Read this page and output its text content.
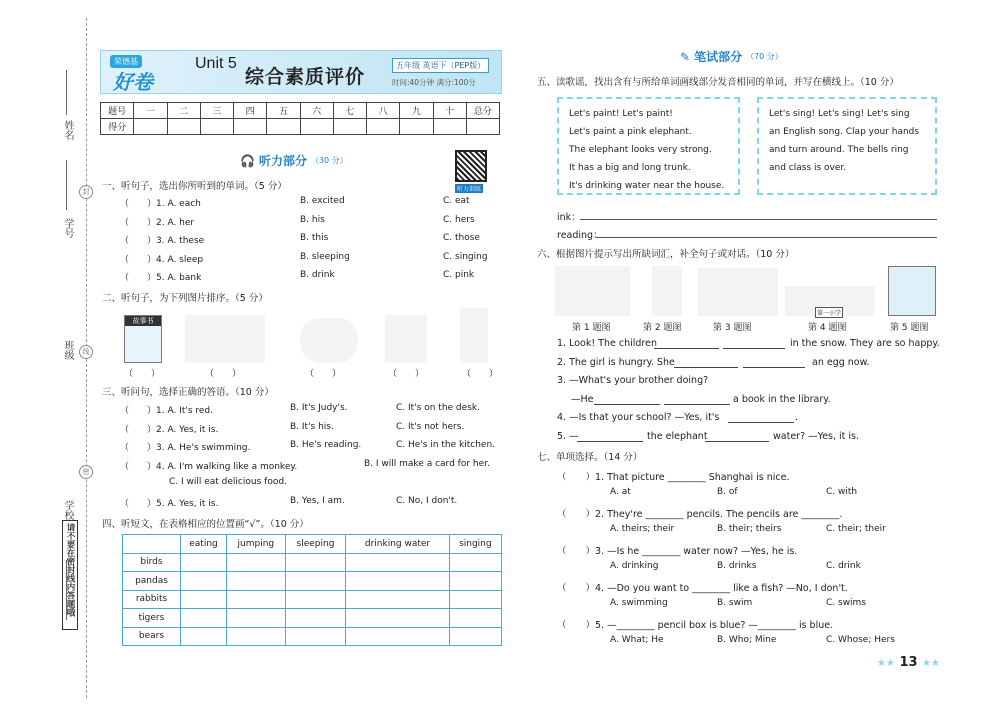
姓名
学号
班级
学校
请不要在密封线内答题哦
封
线
密
荣德基
好卷
Unit 5
综合素质评价
五年级 英语下（PEP版）
时间:40分钟 满分:100分
题号	一	二	三	四	五	六	七	八	九	十	总分
得分											
🎧 听力部分 （30 分）
听力训练
一、听句子，选出你所听到的单词。（5 分）
（　　）1. A. each	B. excited	C. eat
（　　）2. A. her	B. his	C. hers
（　　）3. A. these	B. this	C. those
（　　）4. A. sleep	B. sleeping	C. singing
（　　）5. A. bank	B. drink	C. pink
二、听句子，为下列图片排序。（5 分）
故事书
（　　）	（　　）	（　　）	（　　）	（　　）
三、听问句，选择正确的答语。（10 分）
（　　）1. A. It's red.	B. It's Judy's.	C. It's on the desk.
（　　）2. A. Yes, it is.	B. It's his.	C. It's not hers.
（　　）3. A. He's swimming.	B. He's reading.	C. He's in the kitchen.
（　　）4. A. I'm walking like a monkey.	B. I will make a card for her.
C. I will eat delicious food.
（　　）5. A. Yes, it is.	B. Yes, I am.	C. No, I don't.
四、听短文，在表格相应的位置画“√”。（10 分）
	eating	jumping	sleeping	drinking water	singing
birds					
pandas					
rabbits					
tigers					
bears					
✎ 笔试部分 （70 分）
五、读歌谣，找出含有与所给单词画线部分发音相同的单词，并写在横线上。（10 分）
Let's paint! Let's paint!
Let's paint a pink elephant.
The elephant looks very strong.
It has a big and long trunk.
It's drinking water near the house.
Let's sing! Let's sing! Let's sing
an English song. Clap your hands
and turn around. The bells ring
and class is over.
ink：
reading：
六、根据图片提示写出所缺词汇，补全句子或对话。（10 分）
第一小学
第 1 题图	第 2 题图	第 3 题图	第 4 题图	第 5 题图
1. Look! The children	in the snow. They are so happy.
2. The girl is hungry. She	an egg now.
3. —What's your brother doing?
—He	a book in the library.
4. —Is that your school? —Yes, it's	.
5. —	the elephant	water? —Yes, it is.
七、单项选择。（14 分）
（　　）1. That picture ________ Shanghai is nice.
A. at	B. of	C. with
（　　）2. They're ________ pencils. The pencils are ________.
A. theirs; their	B. their; theirs	C. their; their
（　　）3. —Is he ________ water now? —Yes, he is.
A. drinking	B. drinks	C. drink
（　　）4. —Do you want to ________ like a fish? —No, I don't.
A. swimming	B. swim	C. swims
（　　）5. —________ pencil box is blue? —________ is blue.
A. What; He	B. Who; Mine	C. Whose; Hers
★★ 13 ★★
